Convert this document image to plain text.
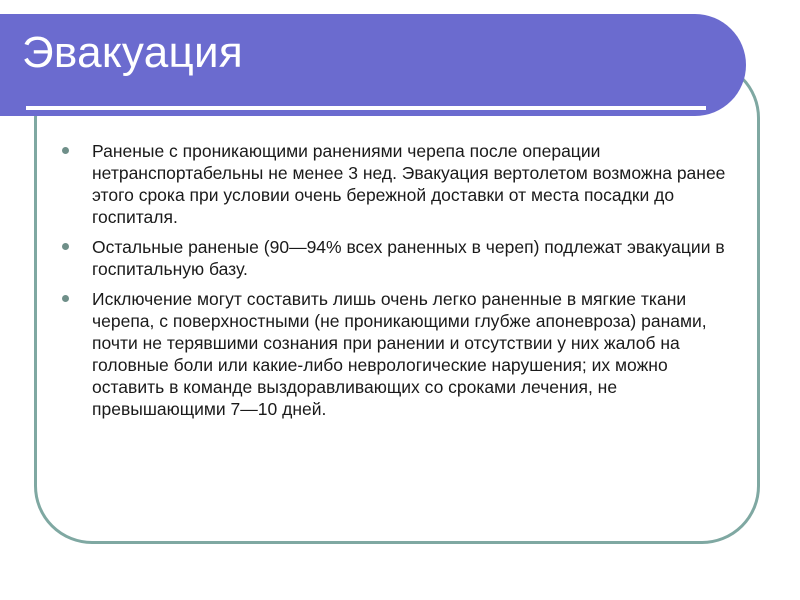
Эвакуация
Раненые с проникающими ранениями черепа после операции нетранспортабельны не менее 3 нед. Эвакуация вертолетом возможна ранее этого срока при условии очень бережной доставки от места посадки до госпиталя.
Остальные раненые (90—94% всех раненных в череп) подлежат эвакуации в госпитальную базу.
Исключение могут составить лишь очень легко раненные в мягкие ткани черепа, с поверхностными (не проникающими глубже апоневроза) ранами, почти не терявшими сознания при ранении и отсутствии у них жалоб на головные боли или какие-либо неврологические нарушения; их можно оставить в команде выздоравливающих со сроками лечения, не превышающими 7—10 дней.
